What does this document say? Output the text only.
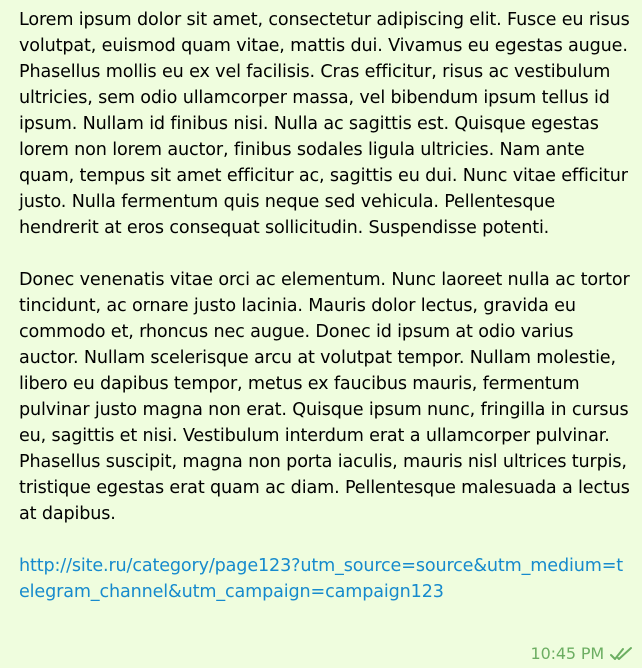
Lorem ipsum dolor sit amet, consectetur adipiscing elit. Fusce eu risus volutpat, euismod quam vitae, mattis dui. Vivamus eu egestas augue. Phasellus mollis eu ex vel facilisis. Cras efficitur, risus ac vestibulum ultricies, sem odio ullamcorper massa, vel bibendum ipsum tellus id ipsum. Nullam id finibus nisi. Nulla ac sagittis est. Quisque egestas lorem non lorem auctor, finibus sodales ligula ultricies. Nam ante quam, tempus sit amet efficitur ac, sagittis eu dui. Nunc vitae efficitur justo. Nulla fermentum quis neque sed vehicula. Pellentesque hendrerit at eros consequat sollicitudin. Suspendisse potenti.

Donec venenatis vitae orci ac elementum. Nunc laoreet nulla ac tortor tincidunt, ac ornare justo lacinia. Mauris dolor lectus, gravida eu commodo et, rhoncus nec augue. Donec id ipsum at odio varius auctor. Nullam scelerisque arcu at volutpat tempor. Nullam molestie, libero eu dapibus tempor, metus ex faucibus mauris, fermentum pulvinar justo magna non erat. Quisque ipsum nunc, fringilla in cursus eu, sagittis et nisi. Vestibulum interdum erat a ullamcorper pulvinar. Phasellus suscipit, magna non porta iaculis, mauris nisl ultrices turpis, tristique egestas erat quam ac diam. Pellentesque malesuada a lectus at dapibus.

http://site.ru/category/page123?utm_source=source&utm_medium=telegram_channel&utm_campaign=campaign123
10:45 PM
